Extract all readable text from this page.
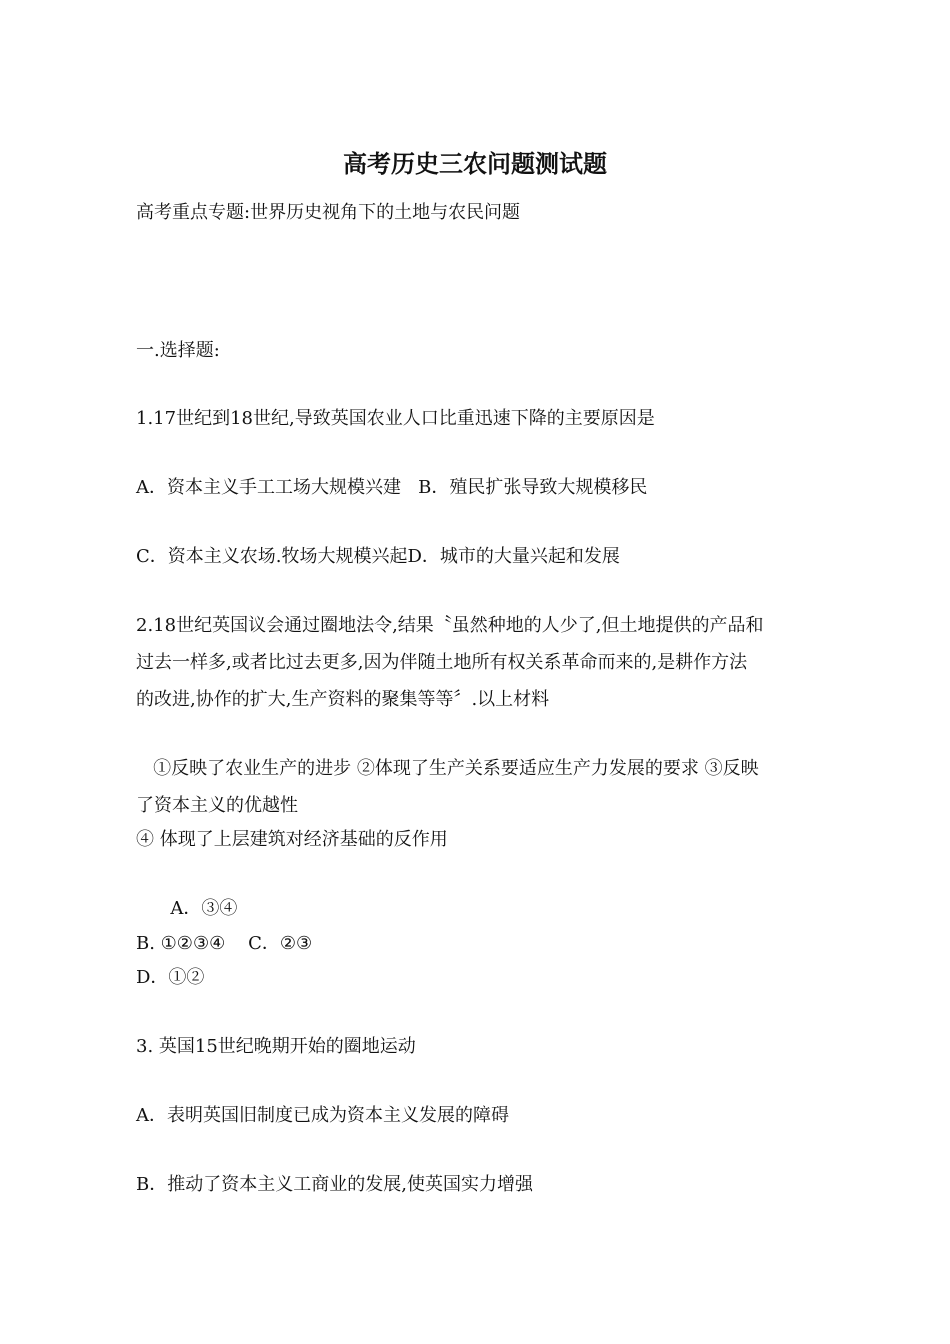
高考历史三农问题测试题
高考重点专题:世界历史视角下的土地与农民问题
一.选择题:
1.17世纪到18世纪,导致英国农业人口比重迅速下降的主要原因是
A．资本主义手工工场大规模兴建   B．殖民扩张导致大规模移民
C．资本主义农场.牧场大规模兴起D．城市的大量兴起和发展
2.18世纪英国议会通过圈地法令,结果〝虽然种地的人少了,但土地提供的产品和
过去一样多,或者比过去更多,因为伴随土地所有权关系革命而来的,是耕作方法
的改进,协作的扩大,生产资料的聚集等等〞.以上材料
①反映了农业生产的进步 ②体现了生产关系要适应生产力发展的要求 ③反映
了资本主义的优越性
④ 体现了上层建筑对经济基础的反作用
A．③④
B. ①②③④    C．②③
D．①②
3. 英国15世纪晚期开始的圈地运动
A．表明英国旧制度已成为资本主义发展的障碍
B．推动了资本主义工商业的发展,使英国实力增强
